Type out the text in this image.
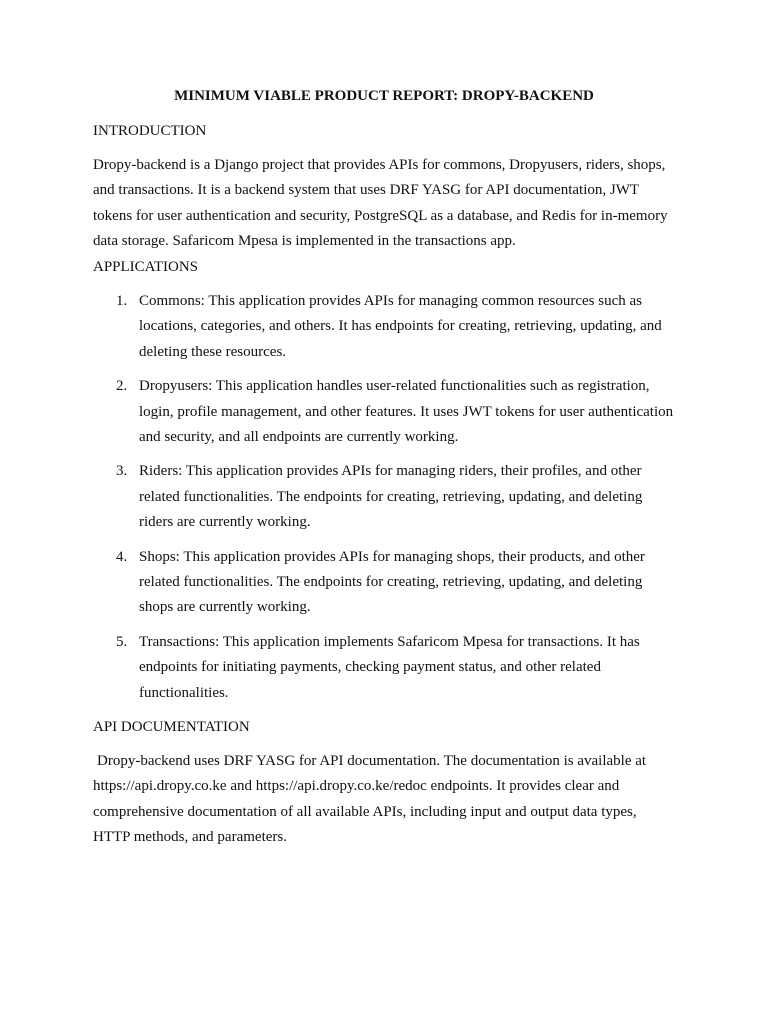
MINIMUM VIABLE PRODUCT REPORT: DROPY-BACKEND

INTRODUCTION

Dropy-backend is a Django project that provides APIs for commons, Dropyusers, riders, shops, and transactions. It is a backend system that uses DRF YASG for API documentation, JWT tokens for user authentication and security, PostgreSQL as a database, and Redis for in-memory data storage. Safaricom Mpesa is implemented in the transactions app.

APPLICATIONS

1. Commons: This application provides APIs for managing common resources such as locations, categories, and others. It has endpoints for creating, retrieving, updating, and deleting these resources.
2. Dropyusers: This application handles user-related functionalities such as registration, login, profile management, and other features. It uses JWT tokens for user authentication and security, and all endpoints are currently working.
3. Riders: This application provides APIs for managing riders, their profiles, and other related functionalities. The endpoints for creating, retrieving, updating, and deleting riders are currently working.
4. Shops: This application provides APIs for managing shops, their products, and other related functionalities. The endpoints for creating, retrieving, updating, and deleting shops are currently working.
5. Transactions: This application implements Safaricom Mpesa for transactions. It has endpoints for initiating payments, checking payment status, and other related functionalities.

API DOCUMENTATION

Dropy-backend uses DRF YASG for API documentation. The documentation is available at https://api.dropy.co.ke and https://api.dropy.co.ke/redoc endpoints. It provides clear and comprehensive documentation of all available APIs, including input and output data types, HTTP methods, and parameters.
